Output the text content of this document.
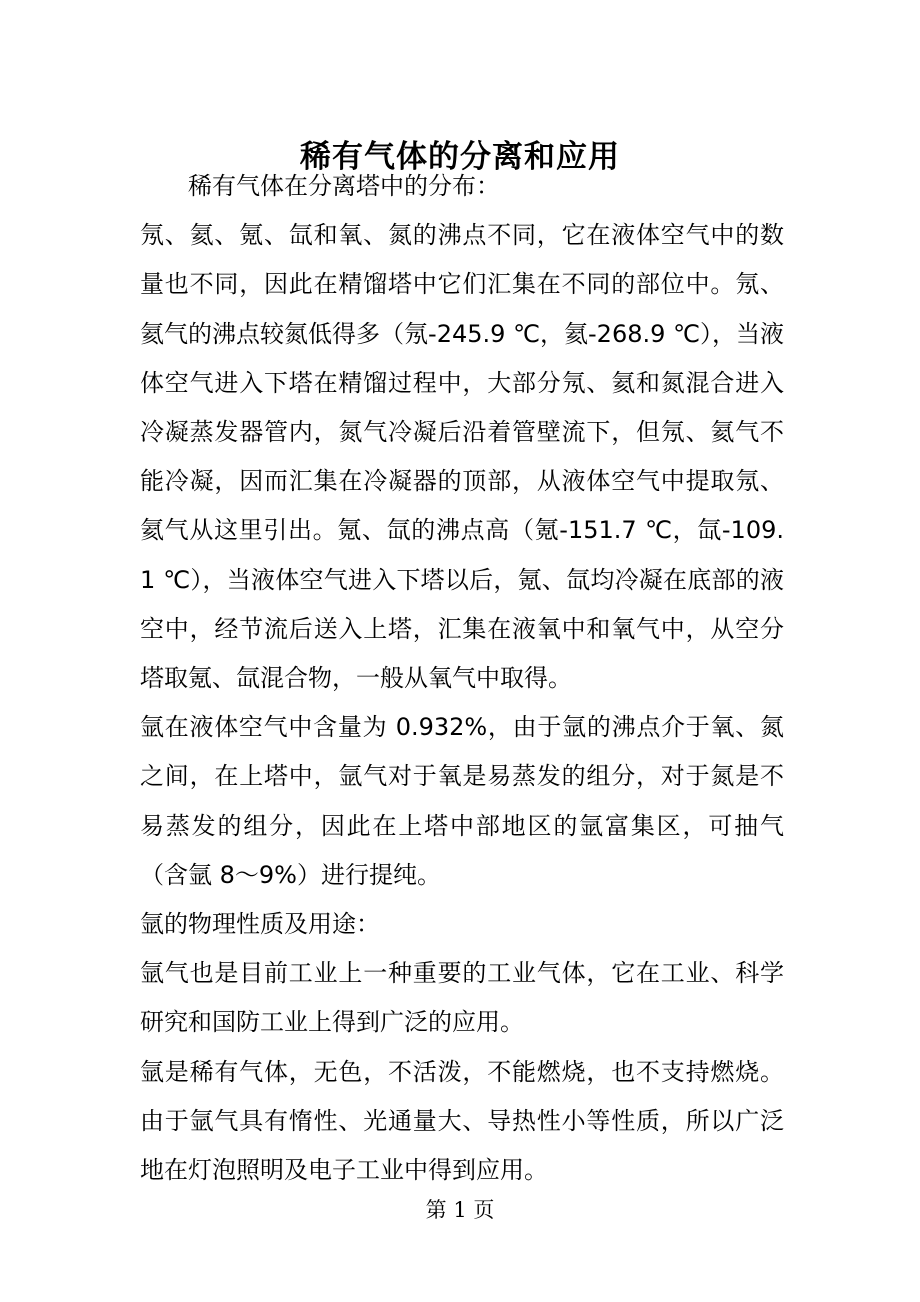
稀有气体的分离和应用

稀有气体在分离塔中的分布：

氖、氦、氪、氙和氧、氮的沸点不同，它在液体空气中的数量也不同，因此在精馏塔中它们汇集在不同的部位中。氖、氦气的沸点较氮低得多（氖-245.9 ℃，氦-268.9 ℃），当液体空气进入下塔在精馏过程中，大部分氖、氦和氮混合进入冷凝蒸发器管内，氮气冷凝后沿着管壁流下，但氖、氦气不能冷凝，因而汇集在冷凝器的顶部，从液体空气中提取氖、氦气从这里引出。氪、氙的沸点高（氪-151.7 ℃，氙-109.1 ℃），当液体空气进入下塔以后，氪、氙均冷凝在底部的液空中，经节流后送入上塔，汇集在液氧中和氧气中，从空分塔取氪、氙混合物，一般从氧气中取得。

氩在液体空气中含量为 0.932%，由于氩的沸点介于氧、氮之间，在上塔中，氩气对于氧是易蒸发的组分，对于氮是不易蒸发的组分，因此在上塔中部地区的氩富集区，可抽气（含氩 8～9%）进行提纯。

氩的物理性质及用途：

氩气也是目前工业上一种重要的工业气体，它在工业、科学研究和国防工业上得到广泛的应用。

氩是稀有气体，无色，不活泼，不能燃烧，也不支持燃烧。由于氩气具有惰性、光通量大、导热性小等性质，所以广泛地在灯泡照明及电子工业中得到应用。

第 1 页
